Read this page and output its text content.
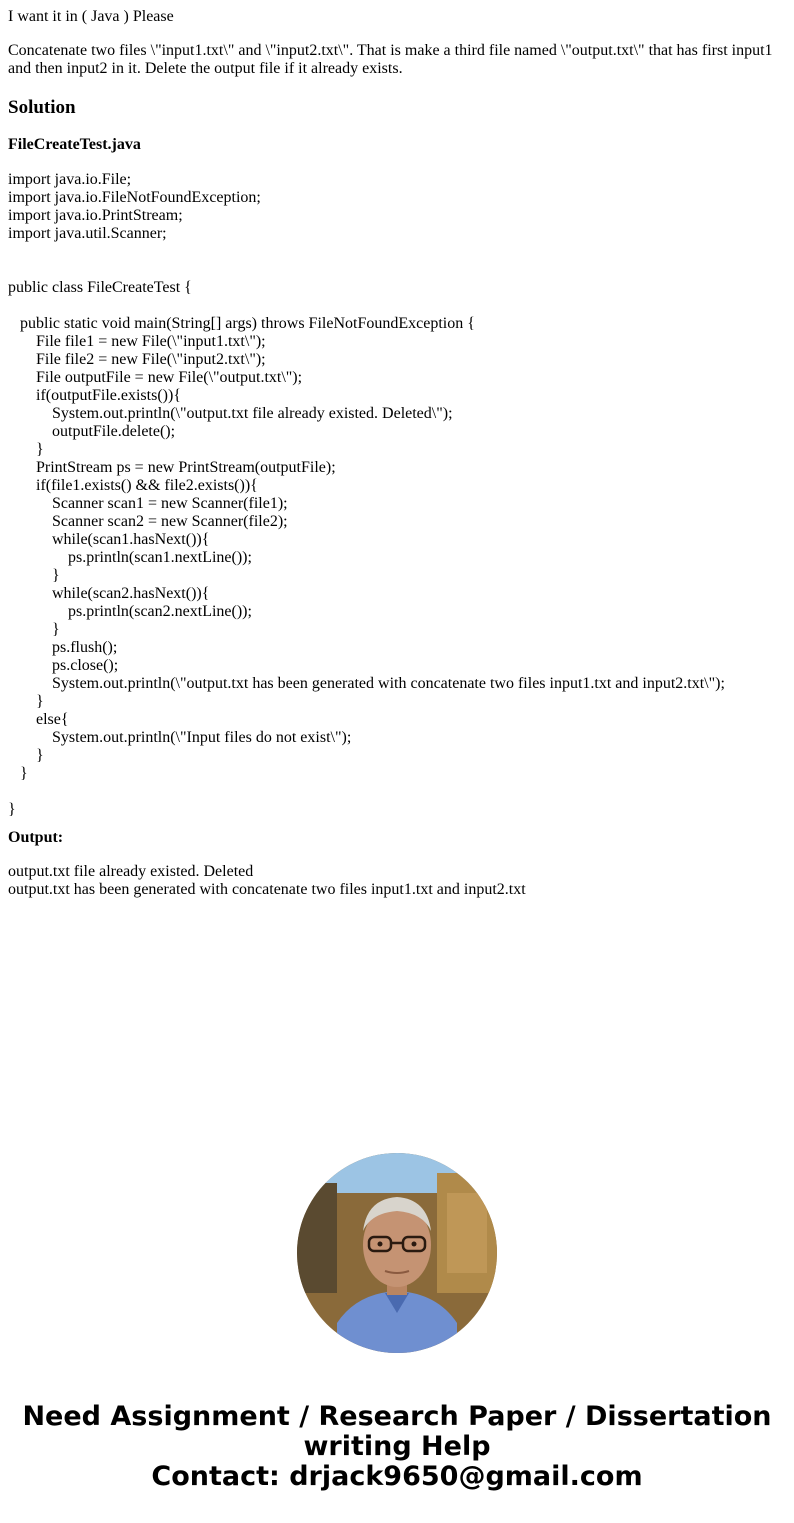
I want it in ( Java ) Please

Concatenate two files \"input1.txt\" and \"input2.txt\". That is make a third file named \"output.txt\" that has first input1 and then input2 in it. Delete the output file if it already exists.

Solution

FileCreateTest.java

import java.io.File;

import java.io.FileNotFoundException;

import java.io.PrintStream;

import java.util.Scanner;

public class FileCreateTest {

public static void main(String[] args) throws FileNotFoundException {

File file1 = new File(\"input1.txt\");

File file2 = new File(\"input2.txt\");

File outputFile = new File(\"output.txt\");

if(outputFile.exists()){

System.out.println(\"output.txt file already existed. Deleted\");

outputFile.delete();

}

PrintStream ps = new PrintStream(outputFile);

if(file1.exists() && file2.exists()){

Scanner scan1 = new Scanner(file1);

Scanner scan2 = new Scanner(file2);

while(scan1.hasNext()){

ps.println(scan1.nextLine());

}

while(scan2.hasNext()){

ps.println(scan2.nextLine());

}

ps.flush();

ps.close();

System.out.println(\"output.txt has been generated with concatenate two files input1.txt and input2.txt\");

}

else{

System.out.println(\"Input files do not exist\");

}

}

}

Output:

output.txt file already existed. Deleted

output.txt has been generated with concatenate two files input1.txt and input2.txt

Need Assignment / Research Paper / Dissertation

writing Help

Contact: drjack9650@gmail.com
